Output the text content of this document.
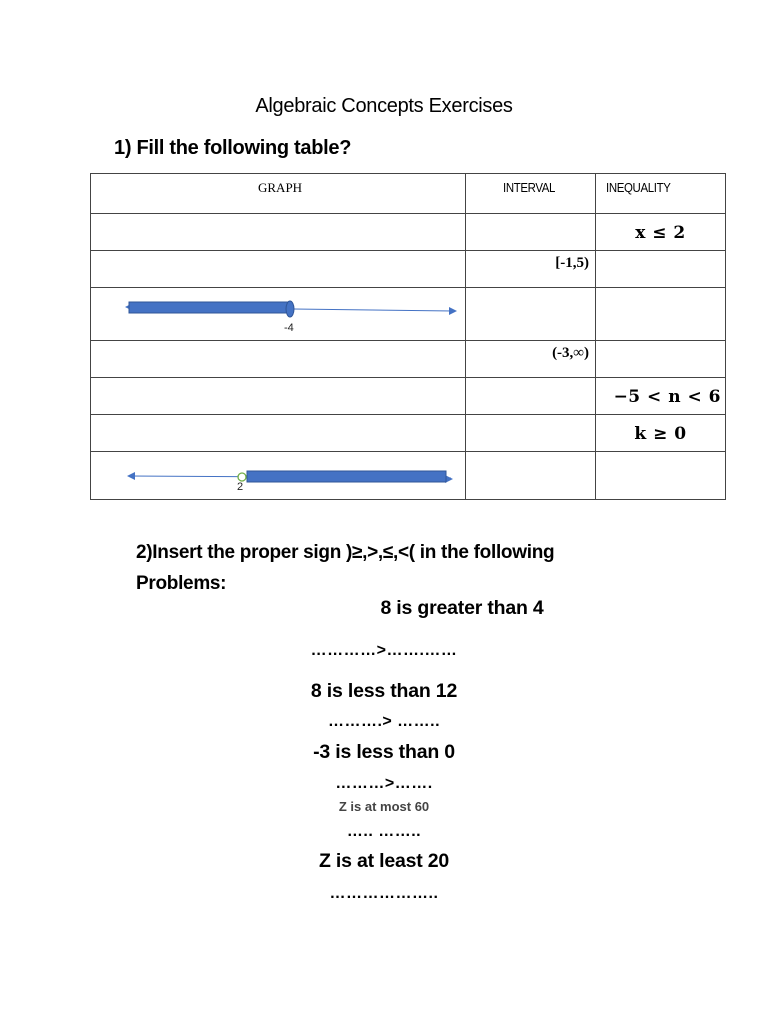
Algebraic Concepts Exercises
1) Fill the following table?
GRAPH	INTERVAL	INEQUALITY

		x ≤ 2

	[-1,5)	

-4		

	(-3,∞)	

		−5 < n < 6

		k ≥ 0

2		

2)Insert the proper sign )≥,>,≤,<( in the following
Problems:
8 is greater than 4
…………>…….……
8 is less than 12
……….> ……..
-3 is less than 0
………>…….
Z is at most 60
….. ……..
Z is at least 20
………………..
